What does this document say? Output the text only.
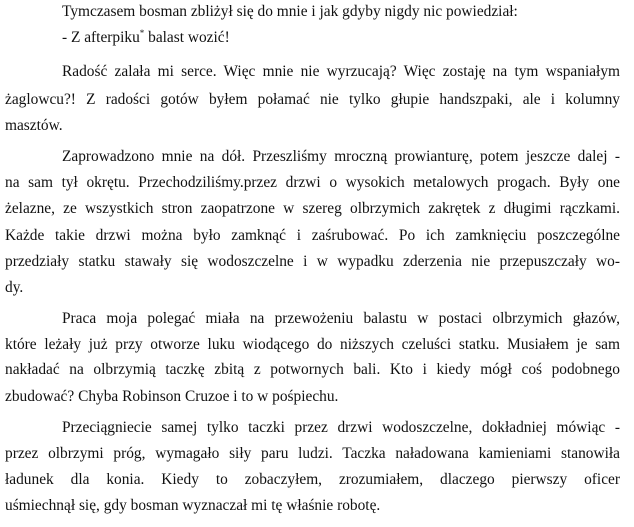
Tymczasem bosman zbliżył się do mnie i jak gdyby nigdy nic powiedział:
- Z afterpiku* balast wozić!
Radość zalała mi serce. Więc mnie nie wyrzucają? Więc zostaję na tym wspaniałym
żaglowcu?! Z radości gotów byłem połamać nie tylko głupie handszpaki, ale i kolumny
masztów.
Zaprowadzono mnie na dół. Przeszliśmy mroczną prowianturę, potem jeszcze dalej -
na sam tył okrętu. Przechodziliśmy.przez drzwi o wysokich metalowych progach. Były one
żelazne, ze wszystkich stron zaopatrzone w szereg olbrzymich zakrętek z długimi rączkami.
Każde takie drzwi można było zamknąć i zaśrubować. Po ich zamknięciu poszczególne
przedziały statku stawały się wodoszczelne i w wypadku zderzenia nie przepuszczały wo-
dy.
Praca moja polegać miała na przewożeniu balastu w postaci olbrzymich głazów,
które leżały już przy otworze luku wiodącego do niższych czeluści statku. Musiałem je sam
nakładać na olbrzymią taczkę zbitą z potwornych bali. Kto i kiedy mógł coś podobnego
zbudować? Chyba Robinson Cruzoe i to w pośpiechu.
Przeciągniecie samej tylko taczki przez drzwi wodoszczelne, dokładniej mówiąc -
przez olbrzymi próg, wymagało siły paru ludzi. Taczka naładowana kamieniami stanowiła
ładunek dla konia. Kiedy to zobaczyłem, zrozumiałem, dlaczego pierwszy oficer
uśmiechnął się, gdy bosman wyznaczał mi tę właśnie robotę.
